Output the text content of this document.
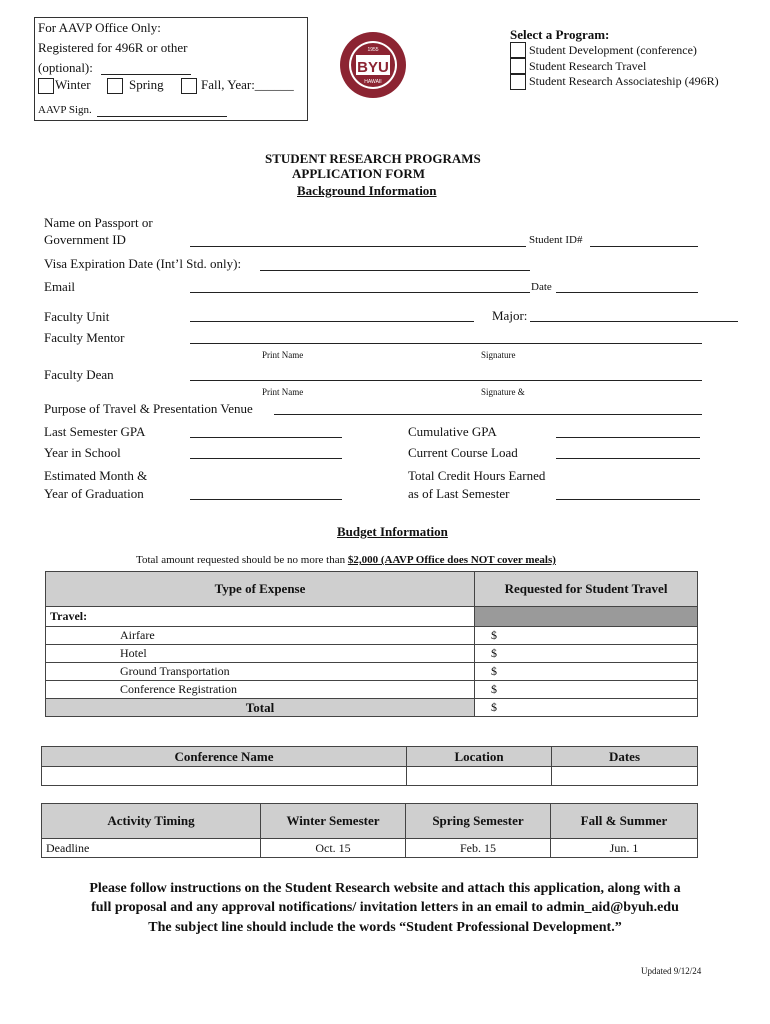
For AAVP Office Only:
Registered for 496R or other
(optional):
Winter	Spring	Fall, Year:______
AAVP Sign.
BYU
1955
HAWAII
Select a Program:
Student Development (conference)
Student Research Travel
Student Research Associateship (496R)
STUDENT RESEARCH PROGRAMS
APPLICATION FORM
Background Information
Name on Passport or
Government ID	Student ID#
Visa Expiration Date (Int’l Std. only):
Email	Date
Faculty Unit	Major:
Faculty Mentor
Print Name	Signature
Faculty Dean
Print Name	Signature &
Purpose of Travel & Presentation Venue
Last Semester GPA	Cumulative GPA
Year in School	Current Course Load
Estimated Month &
Year of Graduation
Total Credit Hours Earned
as of Last Semester
Budget Information
Total amount requested should be no more than $2,000 (AAVP Office does NOT cover meals)
Type of Expense	Requested for Student Travel
Travel:	
Airfare	$
Hotel	$
Ground Transportation	$
Conference Registration	$
Total	$
Conference Name	Location	Dates

Activity Timing	Winter Semester	Spring Semester	Fall & Summer
Deadline	Oct. 15	Feb. 15	Jun. 1
Please follow instructions on the Student Research website and attach this application, along with a
full proposal and any approval notifications/ invitation letters in an email to admin_aid@byuh.edu
The subject line should include the words “Student Professional Development.”
Updated 9/12/24
